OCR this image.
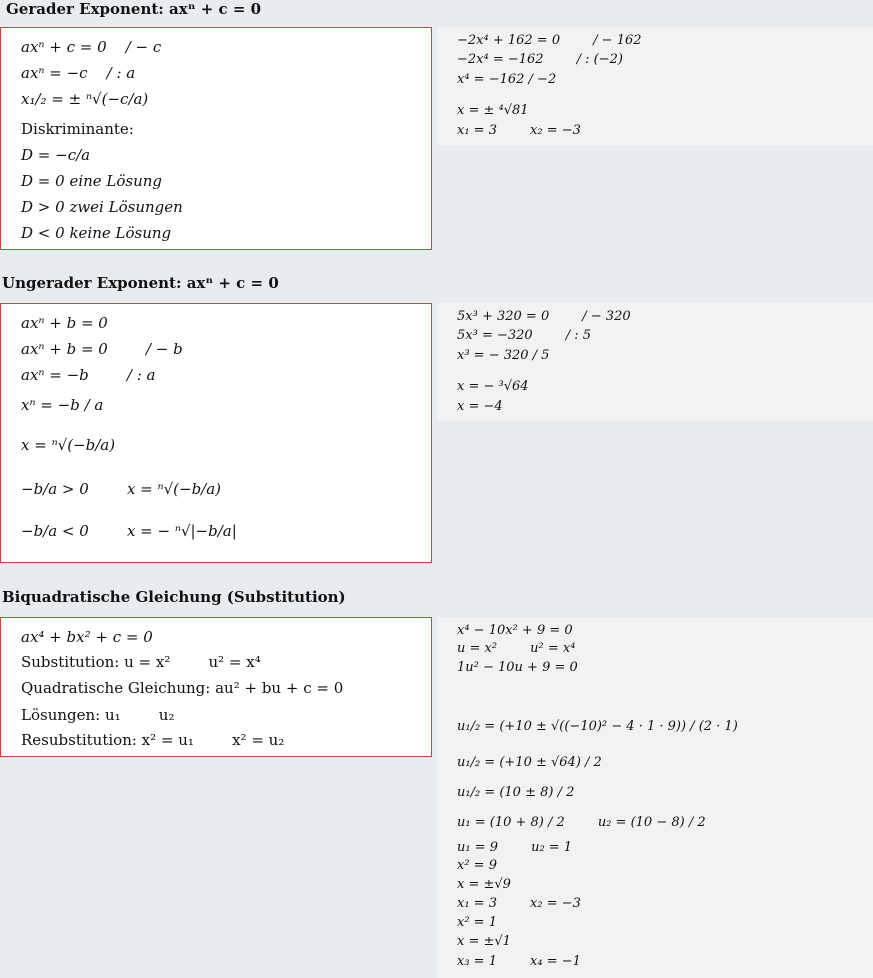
Gerader Exponent: axⁿ + c = 0
axⁿ + c = 0    / − c
axⁿ = −c    / : a
x₁/₂ = ± ⁿ√(−c/a)
Diskriminante:
D = −c/a
D = 0 eine Lösung
D > 0 zwei Lösungen
D < 0 keine Lösung
−2x⁴ + 162 = 0        / − 162
−2x⁴ = −162        / : (−2)
x⁴ = −162 / −2
x = ± ⁴√81
x₁ = 3        x₂ = −3
Ungerader Exponent: axⁿ + c = 0
axⁿ + b = 0
axⁿ + b = 0        / − b
axⁿ = −b        / : a
xⁿ = −b / a
x = ⁿ√(−b/a)
−b/a > 0        x = ⁿ√(−b/a)
−b/a < 0        x = − ⁿ√|−b/a|
5x³ + 320 = 0        / − 320
5x³ = −320        / : 5
x³ = − 320 / 5
x = − ³√64
x = −4
Biquadratische Gleichung (Substitution)
ax⁴ + bx² + c = 0
Substitution: u = x²        u² = x⁴
Quadratische Gleichung: au² + bu + c = 0
Lösungen: u₁        u₂
Resubstitution: x² = u₁        x² = u₂
x⁴ − 10x² + 9 = 0
u = x²        u² = x⁴
1u² − 10u + 9 = 0
u₁/₂ = (+10 ± √((−10)² − 4 · 1 · 9)) / (2 · 1)
u₁/₂ = (+10 ± √64) / 2
u₁/₂ = (10 ± 8) / 2
u₁ = (10 + 8) / 2        u₂ = (10 − 8) / 2
u₁ = 9        u₂ = 1
x² = 9
x = ±√9
x₁ = 3        x₂ = −3
x² = 1
x = ±√1
x₃ = 1        x₄ = −1
